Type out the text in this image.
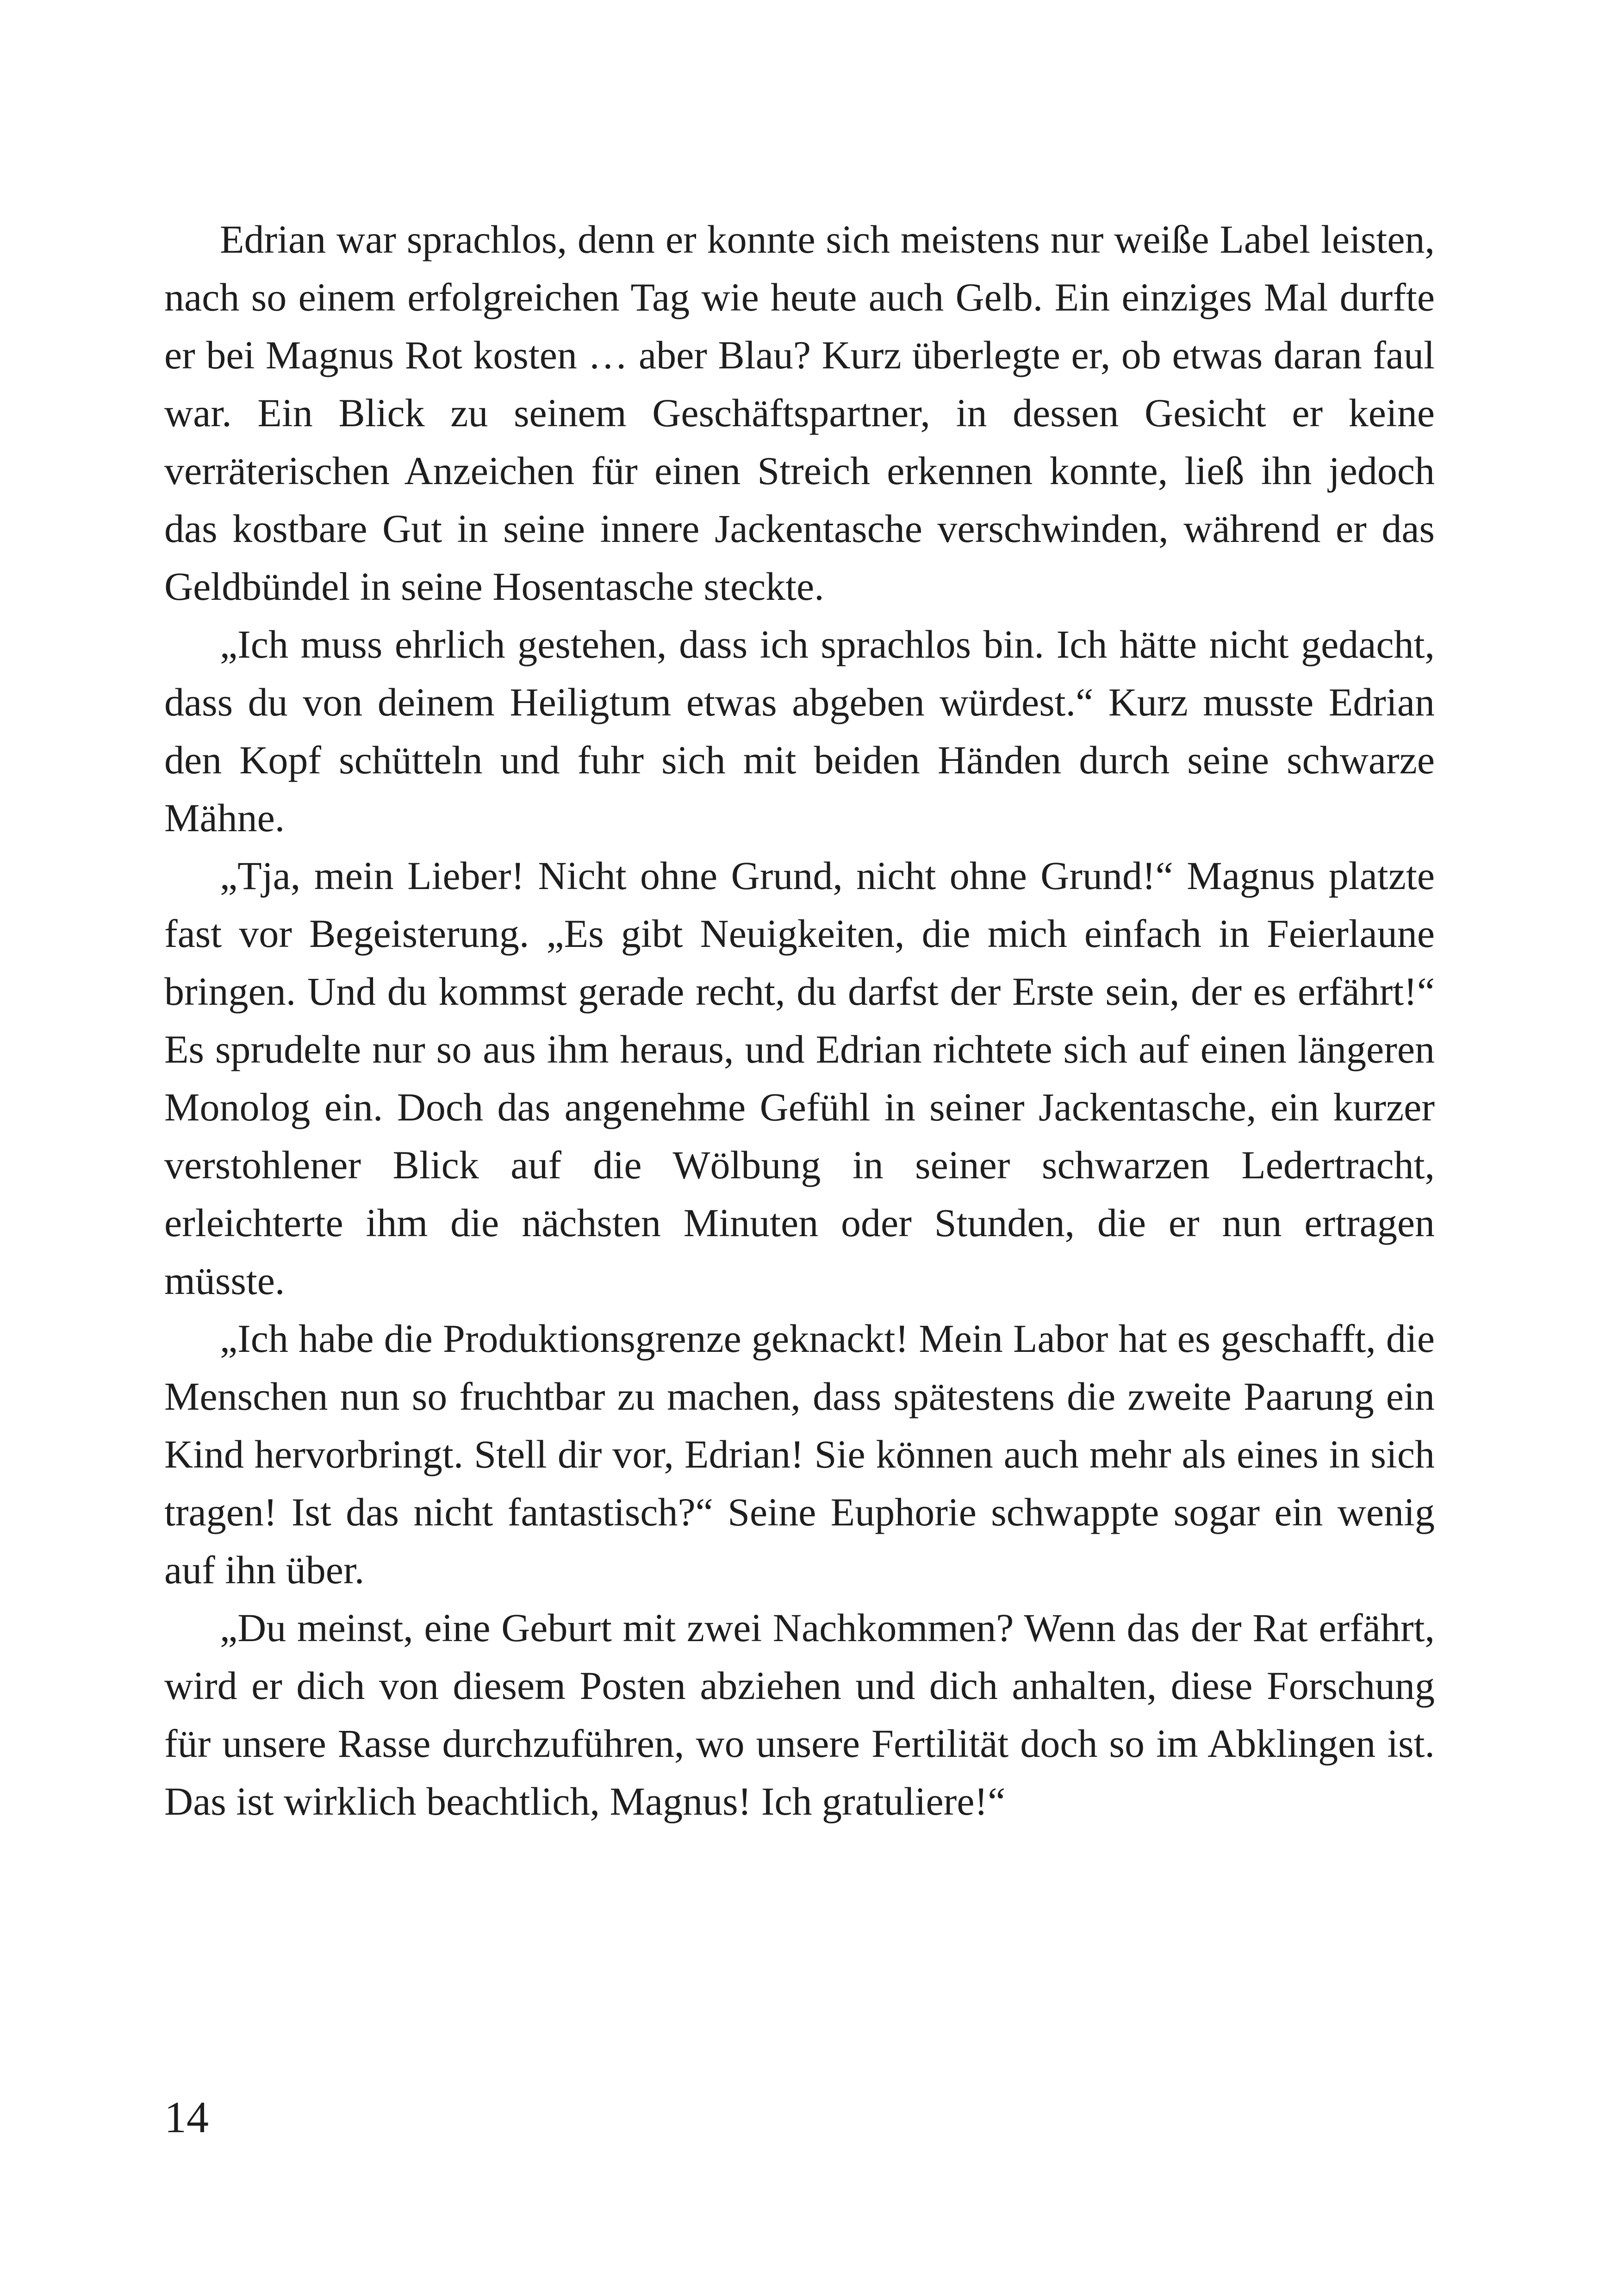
Edrian war sprachlos, denn er konnte sich meistens nur weiße Label leisten, nach so einem erfolgreichen Tag wie heute auch Gelb. Ein einziges Mal durfte er bei Magnus Rot kosten … aber Blau? Kurz überlegte er, ob etwas daran faul war. Ein Blick zu seinem Geschäftspartner, in dessen Gesicht er keine verräterischen Anzeichen für einen Streich erkennen konnte, ließ ihn jedoch das kostbare Gut in seine innere Jackentasche verschwinden, während er das Geldbündel in seine Hosentasche steckte.

„Ich muss ehrlich gestehen, dass ich sprachlos bin. Ich hätte nicht gedacht, dass du von deinem Heiligtum etwas abgeben würdest.“ Kurz musste Edrian den Kopf schütteln und fuhr sich mit beiden Händen durch seine schwarze Mähne.

„Tja, mein Lieber! Nicht ohne Grund, nicht ohne Grund!“ Magnus platzte fast vor Begeisterung. „Es gibt Neuigkeiten, die mich einfach in Feierlaune bringen. Und du kommst gerade recht, du darfst der Erste sein, der es erfährt!“ Es sprudelte nur so aus ihm heraus, und Edrian richtete sich auf einen längeren Monolog ein. Doch das angenehme Gefühl in seiner Jackentasche, ein kurzer verstohlener Blick auf die Wölbung in seiner schwarzen Ledertracht, erleichterte ihm die nächsten Minuten oder Stunden, die er nun ertragen müsste.

„Ich habe die Produktionsgrenze geknackt! Mein Labor hat es geschafft, die Menschen nun so fruchtbar zu machen, dass spätestens die zweite Paarung ein Kind hervorbringt. Stell dir vor, Edrian! Sie können auch mehr als eines in sich tragen! Ist das nicht fantastisch?“ Seine Euphorie schwappte sogar ein wenig auf ihn über.

„Du meinst, eine Geburt mit zwei Nachkommen? Wenn das der Rat erfährt, wird er dich von diesem Posten abziehen und dich anhalten, diese Forschung für unsere Rasse durchzuführen, wo unsere Fertilität doch so im Abklingen ist. Das ist wirklich beachtlich, Magnus! Ich gratuliere!“

14
